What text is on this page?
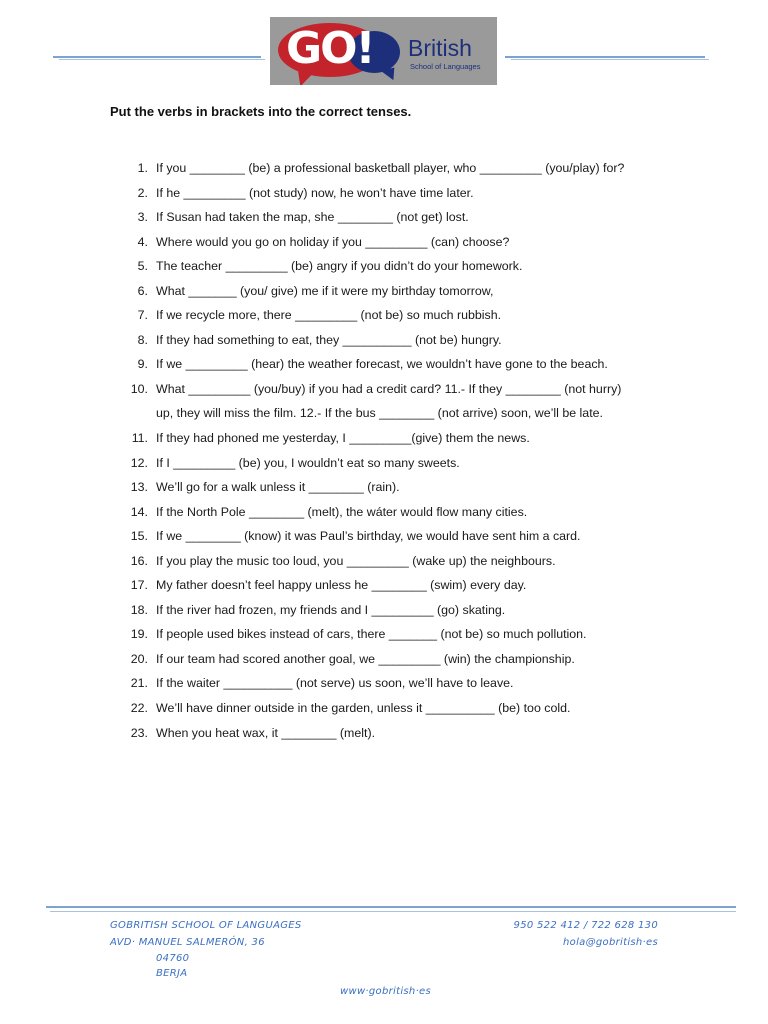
GO! British
School of Languages
Put the verbs in brackets into the correct tenses.
1. If you ________ (be) a professional basketball player, who _________ (you/play) for?
2. If he _________ (not study) now, he won’t have time later.
3. If Susan had taken the map, she ________ (not get) lost.
4. Where would you go on holiday if you _________ (can) choose?
5. The teacher _________ (be) angry if you didn’t do your homework.
6. What _______ (you/ give) me if it were my birthday tomorrow,
7. If we recycle more, there _________ (not be) so much rubbish.
8. If they had something to eat, they __________ (not be) hungry.
9. If we _________ (hear) the weather forecast, we wouldn’t have gone to the beach.
10. What _________ (you/buy) if you had a credit card? 11.- If they ________ (not hurry)
up, they will miss the film. 12.- If the bus ________ (not arrive) soon, we’ll be late.
11. If they had phoned me yesterday, I _________(give) them the news.
12. If I _________ (be) you, I wouldn’t eat so many sweets.
13. We’ll go for a walk unless it ________ (rain).
14. If the North Pole ________ (melt), the wáter would flow many cities.
15. If we ________ (know) it was Paul’s birthday, we would have sent him a card.
16. If you play the music too loud, you _________ (wake up) the neighbours.
17. My father doesn’t feel happy unless he ________ (swim) every day.
18. If the river had frozen, my friends and I _________ (go) skating.
19. If people used bikes instead of cars, there _______ (not be) so much pollution.
20. If our team had scored another goal, we _________ (win) the championship.
21. If the waiter __________ (not serve) us soon, we’ll have to leave.
22. We’ll have dinner outside in the garden, unless it __________ (be) too cold.
23. When you heat wax, it ________ (melt).
GOBRITISH SCHOOL OF LANGUAGES
AVD· MANUEL SALMERÓN, 36
04760
BERJA
950 522 412 / 722 628 130
hola@gobritish·es
www·gobritish·es
